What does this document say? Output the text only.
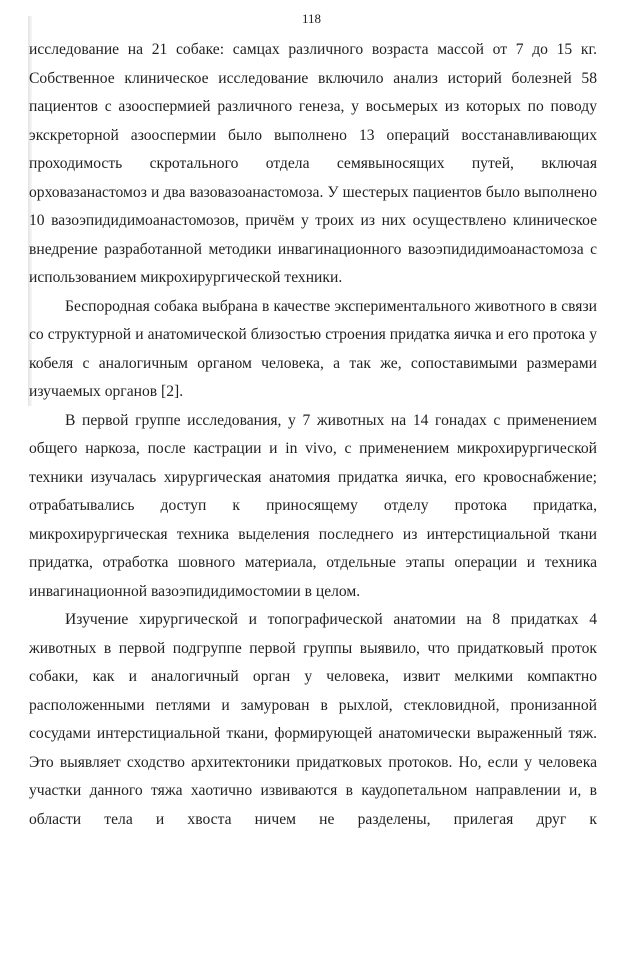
118

исследование на 21 собаке: самцах различного возраста массой от 7 до 15 кг. Собственное клиническое исследование включило анализ историй болезней 58 пациентов с азооспермией различного генеза, у восьмерых из которых по поводу экскреторной азооспермии было выполнено 13 операций восстанавливающих проходимость скротального отдела семявыносящих путей, включая орховазанастомоз и два вазовазоанастомоза. У шестерых пациентов было выполнено 10 вазоэпидидимоанастомозов, причём у троих из них осуществлено клиническое внедрение разработанной методики инвагинационного вазоэпидидимоанастомоза с использованием микрохирургической техники.

Беспородная собака выбрана в качестве экспериментального животного в связи со структурной и анатомической близостью строения придатка яичка и его протока у кобеля с аналогичным органом человека, а так же, сопоставимыми размерами изучаемых органов [2].

В первой группе исследования, у 7 животных на 14 гонадах с применением общего наркоза, после кастрации и in vivo, с применением микрохирургической техники изучалась хирургическая анатомия придатка яичка, его кровоснабжение; отрабатывались доступ к приносящему отделу протока придатка, микрохирургическая техника выделения последнего из интерстициальной ткани придатка, отработка шовного материала, отдельные этапы операции и техника инвагинационной вазоэпидидимостомии в целом.

Изучение хирургической и топографической анатомии на 8 придатках 4 животных в первой подгруппе первой группы выявило, что придатковый проток собаки, как и аналогичный орган у человека, извит мелкими компактно расположенными петлями и замурован в рыхлой, стекловидной, пронизанной сосудами интерстициальной ткани, формирующей анатомически выраженный тяж. Это выявляет сходство архитектоники придатковых протоков. Но, если у человека участки данного тяжа хаотично извиваются в каудопетальном направлении и, в области тела и хвоста ничем не разделены, прилегая друг к
